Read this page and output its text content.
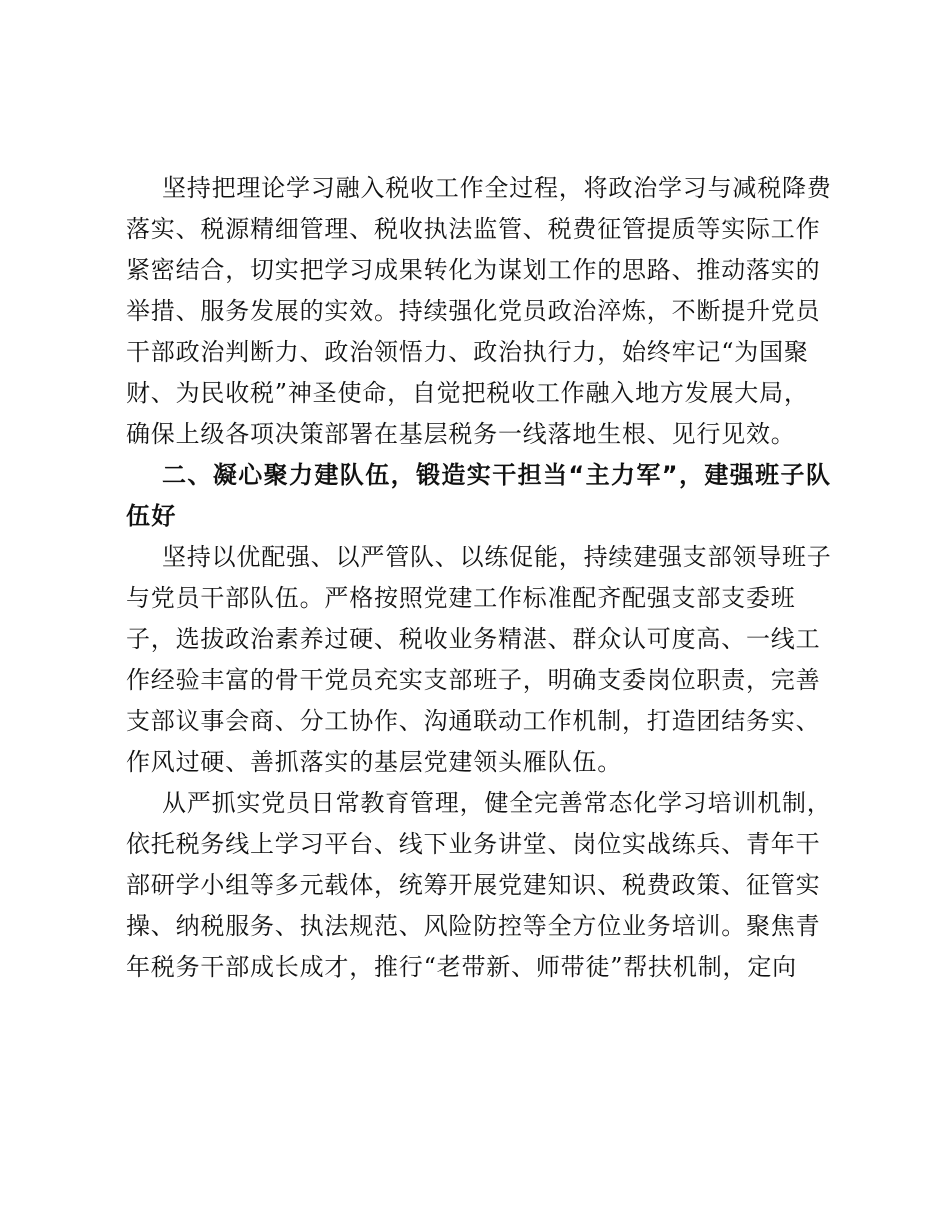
坚持把理论学习融入税收工作全过程，将政治学习与减税降费
落实、税源精细管理、税收执法监管、税费征管提质等实际工作
紧密结合，切实把学习成果转化为谋划工作的思路、推动落实的
举措、服务发展的实效。持续强化党员政治淬炼，不断提升党员
干部政治判断力、政治领悟力、政治执行力，始终牢记“为国聚
财、为民收税”神圣使命，自觉把税收工作融入地方发展大局，
确保上级各项决策部署在基层税务一线落地生根、见行见效。
二、凝心聚力建队伍，锻造实干担当“主力军”，建强班子队
伍好
坚持以优配强、以严管队、以练促能，持续建强支部领导班子
与党员干部队伍。严格按照党建工作标准配齐配强支部支委班
子，选拔政治素养过硬、税收业务精湛、群众认可度高、一线工
作经验丰富的骨干党员充实支部班子，明确支委岗位职责，完善
支部议事会商、分工协作、沟通联动工作机制，打造团结务实、
作风过硬、善抓落实的基层党建领头雁队伍。
从严抓实党员日常教育管理，健全完善常态化学习培训机制，
依托税务线上学习平台、线下业务讲堂、岗位实战练兵、青年干
部研学小组等多元载体，统筹开展党建知识、税费政策、征管实
操、纳税服务、执法规范、风险防控等全方位业务培训。聚焦青
年税务干部成长成才，推行“老带新、师带徒”帮扶机制，定向
